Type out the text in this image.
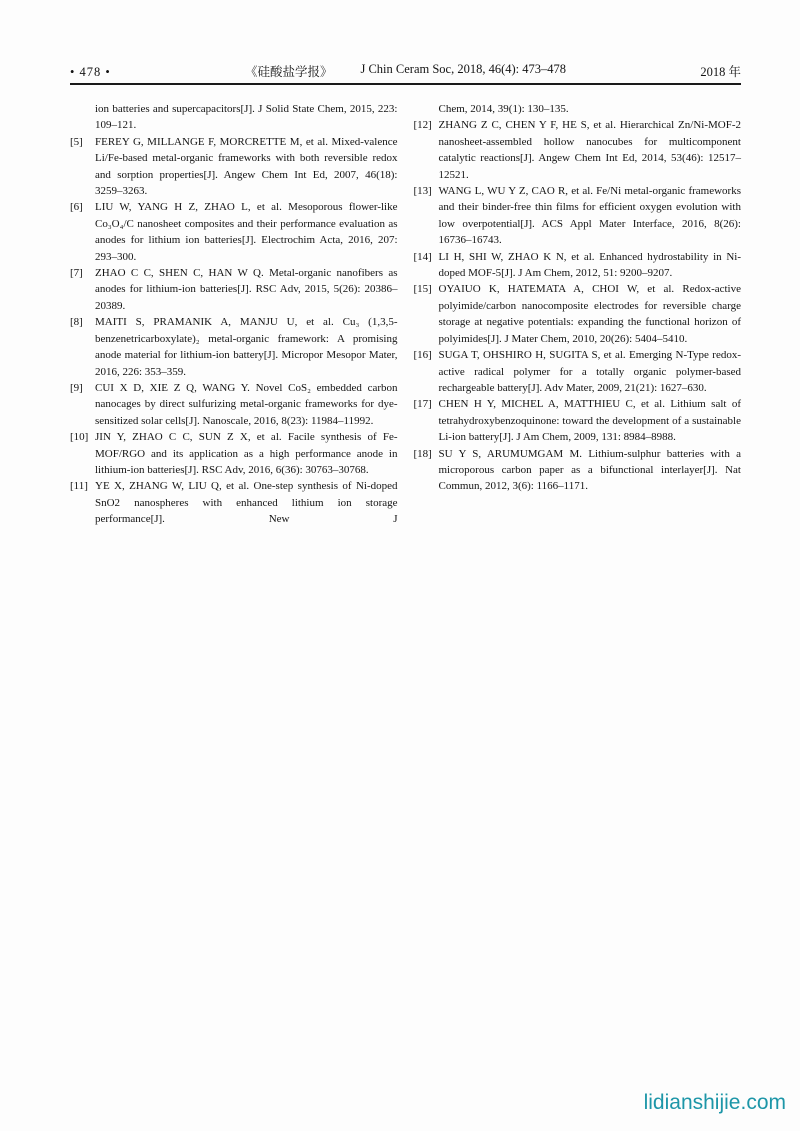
• 478 •	《硅酸盐学报》 J Chin Ceram Soc, 2018, 46(4): 473–478	2018 年
ion batteries and supercapacitors[J]. J Solid State Chem, 2015, 223: 109–121.
[5] FEREY G, MILLANGE F, MORCRETTE M, et al. Mixed-valence Li/Fe-based metal-organic frameworks with both reversible redox and sorption properties[J]. Angew Chem Int Ed, 2007, 46(18): 3259–3263.
[6] LIU W, YANG H Z, ZHAO L, et al. Mesoporous flower-like Co₃O₄/C nanosheet composites and their performance evaluation as anodes for lithium ion batteries[J]. Electrochim Acta, 2016, 207: 293–300.
[7] ZHAO C C, SHEN C, HAN W Q. Metal-organic nanofibers as anodes for lithium-ion batteries[J]. RSC Adv, 2015, 5(26): 20386–20389.
[8] MAITI S, PRAMANIK A, MANJU U, et al. Cu₃ (1,3,5-benzenetricarboxylate)₂ metal-organic framework: A promising anode material for lithium-ion battery[J]. Micropor Mesopor Mater, 2016, 226: 353–359.
[9] CUI X D, XIE Z Q, WANG Y. Novel CoS₂ embedded carbon nanocages by direct sulfurizing metal-organic frameworks for dye-sensitized solar cells[J]. Nanoscale, 2016, 8(23): 11984–11992.
[10] JIN Y, ZHAO C C, SUN Z X, et al. Facile synthesis of Fe-MOF/RGO and its application as a high performance anode in lithium-ion batteries[J]. RSC Adv, 2016, 6(36): 30763–30768.
[11] YE X, ZHANG W, LIU Q, et al. One-step synthesis of Ni-doped SnO2 nanospheres with enhanced lithium ion storage performance[J]. New J
Chem, 2014, 39(1): 130–135.
[12] ZHANG Z C, CHEN Y F, HE S, et al. Hierarchical Zn/Ni-MOF-2 nanosheet-assembled hollow nanocubes for multicomponent catalytic reactions[J]. Angew Chem Int Ed, 2014, 53(46): 12517–12521.
[13] WANG L, WU Y Z, CAO R, et al. Fe/Ni metal-organic frameworks and their binder-free thin films for efficient oxygen evolution with low overpotential[J]. ACS Appl Mater Interface, 2016, 8(26): 16736–16743.
[14] LI H, SHI W, ZHAO K N, et al. Enhanced hydrostability in Ni-doped MOF-5[J]. J Am Chem, 2012, 51: 9200–9207.
[15] OYAIUO K, HATEMATA A, CHOI W, et al. Redox-active polyimide/carbon nanocomposite electrodes for reversible charge storage at negative potentials: expanding the functional horizon of polyimides[J]. J Mater Chem, 2010, 20(26): 5404–5410.
[16] SUGA T, OHSHIRO H, SUGITA S, et al. Emerging N-Type redox-active radical polymer for a totally organic polymer-based rechargeable battery[J]. Adv Mater, 2009, 21(21): 1627–630.
[17] CHEN H Y, MICHEL A, MATTHIEU C, et al. Lithium salt of tetrahydroxybenzoquinone: toward the development of a sustainable Li-ion battery[J]. J Am Chem, 2009, 131: 8984–8988.
[18] SU Y S, ARUMUMGAM M. Lithium-sulphur batteries with a microporous carbon paper as a bifunctional interlayer[J]. Nat Commun, 2012, 3(6): 1166–1171.
lidianshijie.com
